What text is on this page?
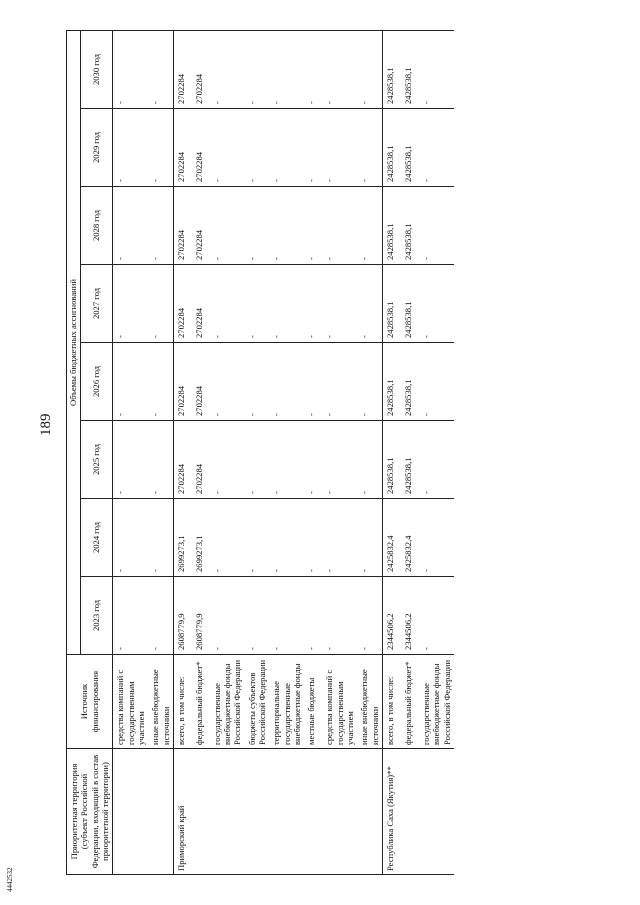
189
4442532
Приоритетная территория (субъект Российской Федерации, входящий в состав приоритетной территории)	Источник финансирования	Объемы бюджетных ассигнований							
		2023 год	2024 год	2025 год	2026 год	2027 год	2028 год	2029 год	2030 год
	средства компаний с государственным участием	-	-	-	-	-	-	-	-
	иные внебюджетные источники	-	-	-	-	-	-	-	-
Приморский край	всего, в том числе:	2608779,9	2699273,1	2702284	2702284	2702284	2702284	2702284	2702284
	федеральный бюджет*	2608779,9	2699273,1	2702284	2702284	2702284	2702284	2702284	2702284
	государственные внебюджетные фонды Российской Федерации	-	-	-	-	-	-	-	-
	бюджеты субъектов Российской Федерации	-	-	-	-	-	-	-	-
	территориальные государственные внебюджетные фонды	-	-	-	-	-	-	-	-
	местные бюджеты	-	-	-	-	-	-	-	-
	средства компаний с государственным участием	-	-	-	-	-	-	-	-
	иные внебюджетные источники	-	-	-	-	-	-	-	-
Республика Саха (Якутия)**	всего, в том числе:	2344506,2	2425832,4	2428538,1	2428538,1	2428538,1	2428538,1	2428538,1	2428538,1
	федеральный бюджет*	2344506,2	2425832,4	2428538,1	2428538,1	2428538,1	2428538,1	2428538,1	2428538,1
	государственные внебюджетные фонды Российской Федерации	-	-	-	-	-	-	-	-
